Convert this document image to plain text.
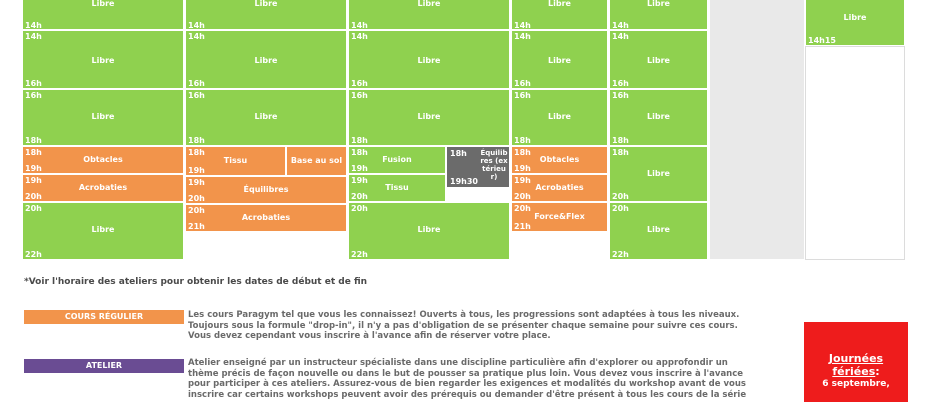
Libre
14h
14h
Libre
16h
16h
Libre
18h
18h
Obtacles
19h
19h
Acrobaties
20h
20h
Libre
22h
Libre
14h
14h
Libre
16h
16h
Libre
18h
18h
Tissu
19h
Base au sol
19h
Équilibres
20h
20h
Acrobaties
21h
Libre
14h
14h
Libre
16h
16h
Libre
18h
18h
Fusion
19h
19h
Tissu
20h
18h
19h30
Équilibres (extérieur)
20h
Libre
22h
Libre
14h
14h
Libre
16h
16h
Libre
18h
18h
Obtacles
19h
19h
Acrobaties
20h
20h
Force&Flex
21h
Libre
14h
14h
Libre
16h
16h
Libre
18h
18h
Libre
20h
20h
Libre
22h
Libre
14h15
*Voir l'horaire des ateliers pour obtenir les dates de début et de fin
COURS RÉGULIER	Les cours Paragym tel que vous les connaissez! Ouverts à tous, les progressions sont adaptées à tous les niveaux.
Toujours sous la formule "drop-in", il n'y a pas d'obligation de se présenter chaque semaine pour suivre ces cours.
Vous devez cependant vous inscrire à l'avance afin de réserver votre place.
ATELIER	Atelier enseigné par un instructeur spécialiste dans une discipline particulière afin d'explorer ou approfondir un
thème précis de façon nouvelle ou dans le but de pousser sa pratique plus loin. Vous devez vous inscrire à l'avance
pour participer à ces ateliers. Assurez-vous de bien regarder les exigences et modalités du workshop avant de vous
inscrire car certains workshops peuvent avoir des prérequis ou demander d'être présent à tous les cours de la série
Journées fériées:
6 septembre,
